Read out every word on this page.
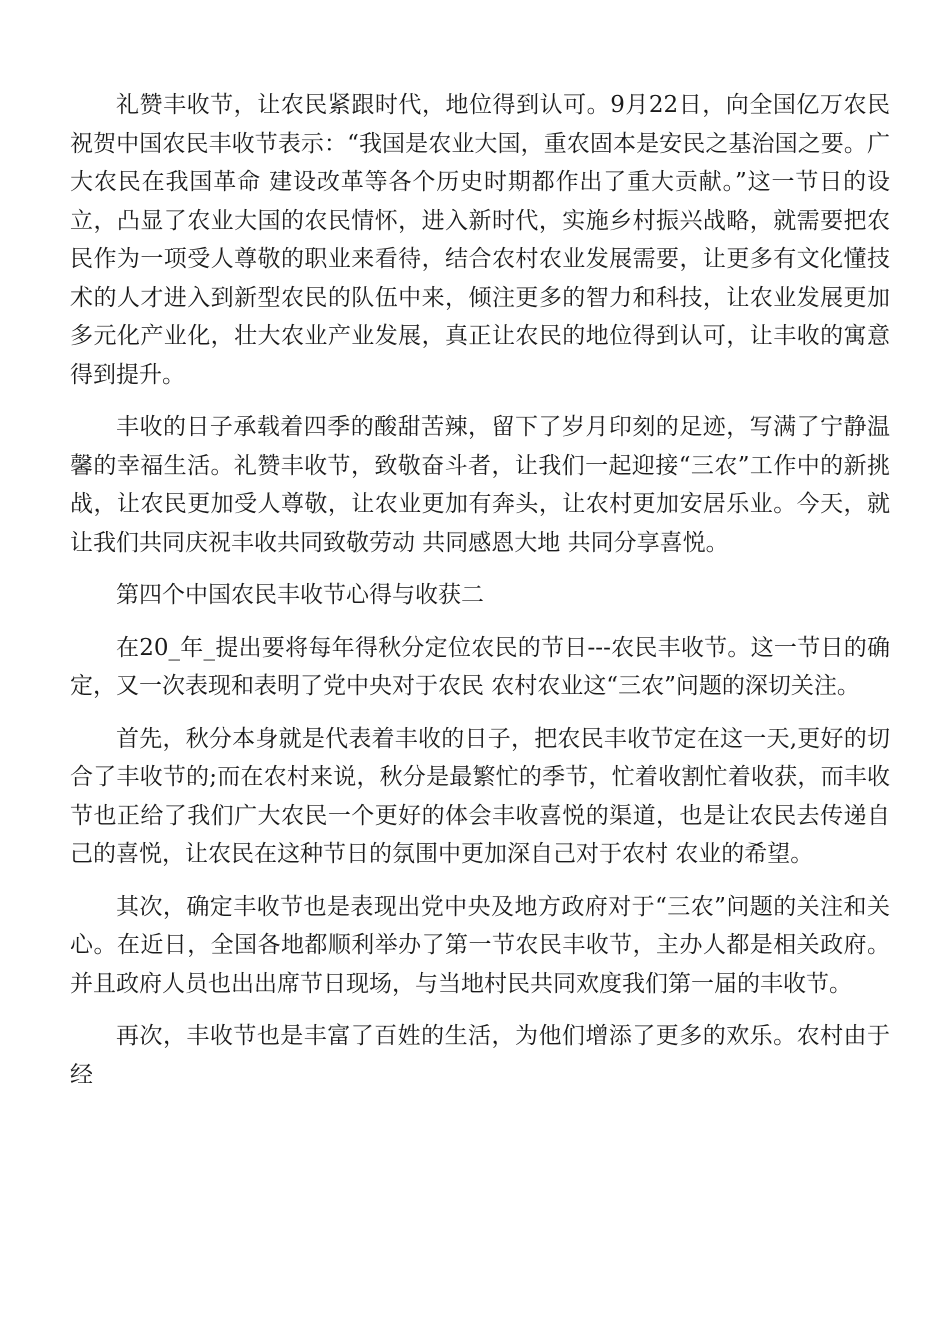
礼赞丰收节，让农民紧跟时代，地位得到认可。9月22日，向全国亿万农民祝贺中国农民丰收节表示：“我国是农业大国，重农固本是安民之基治国之要。广大农民在我国革命 建设改革等各个历史时期都作出了重大贡献。”这一节日的设立，凸显了农业大国的农民情怀，进入新时代，实施乡村振兴战略，就需要把农民作为一项受人尊敬的职业来看待，结合农村农业发展需要，让更多有文化懂技术的人才进入到新型农民的队伍中来，倾注更多的智力和科技，让农业发展更加多元化产业化，壮大农业产业发展，真正让农民的地位得到认可，让丰收的寓意得到提升。

丰收的日子承载着四季的酸甜苦辣，留下了岁月印刻的足迹，写满了宁静温馨的幸福生活。礼赞丰收节，致敬奋斗者，让我们一起迎接“三农”工作中的新挑战，让农民更加受人尊敬，让农业更加有奔头，让农村更加安居乐业。今天，就让我们共同庆祝丰收共同致敬劳动 共同感恩大地 共同分享喜悦。

第四个中国农民丰收节心得与收获二

在20_年_提出要将每年得秋分定位农民的节日---农民丰收节。这一节日的确定，又一次表现和表明了党中央对于农民 农村农业这“三农”问题的深切关注。

首先，秋分本身就是代表着丰收的日子，把农民丰收节定在这一天,更好的切合了丰收节的;而在农村来说，秋分是最繁忙的季节，忙着收割忙着收获，而丰收节也正给了我们广大农民一个更好的体会丰收喜悦的渠道，也是让农民去传递自己的喜悦，让农民在这种节日的氛围中更加深自己对于农村 农业的希望。

其次，确定丰收节也是表现出党中央及地方政府对于“三农”问题的关注和关心。在近日，全国各地都顺利举办了第一节农民丰收节，主办人都是相关政府。并且政府人员也出出席节日现场，与当地村民共同欢度我们第一届的丰收节。

再次，丰收节也是丰富了百姓的生活，为他们增添了更多的欢乐。农村由于经
